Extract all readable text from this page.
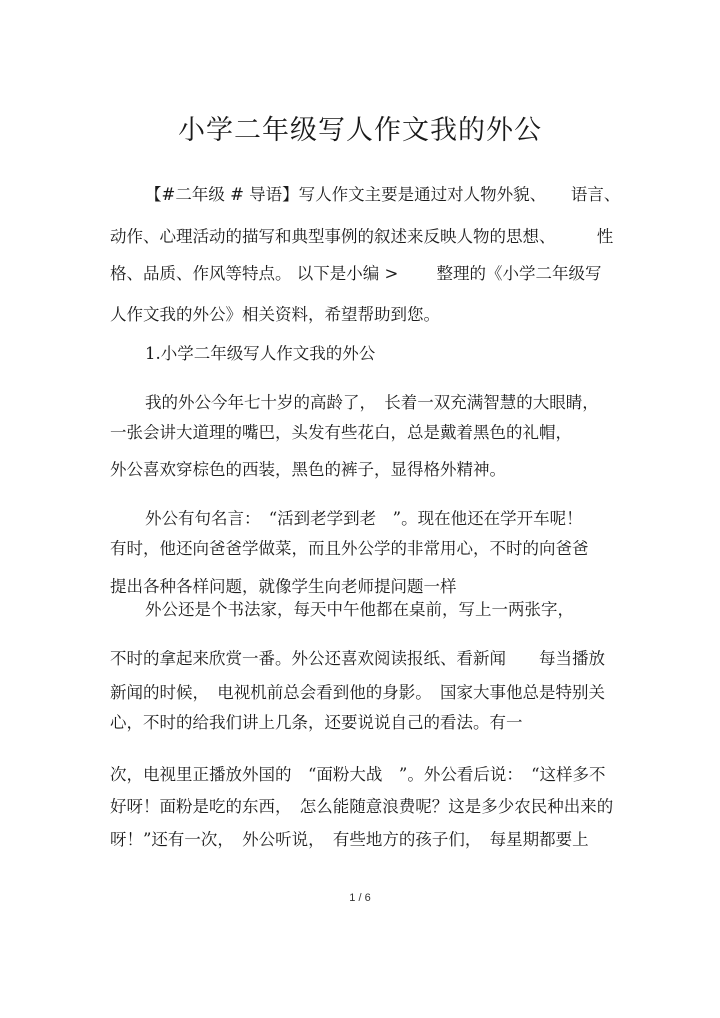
小学二年级写人作文我的外公

【#二年级 # 导语】写人作文主要是通过对人物外貌、　　语言、

动作、心理活动的描写和典型事例的叙述来反映人物的思想、　　　性

格、品质、作风等特点。 以下是小编 >　　 整理的《小学二年级写

人作文我的外公》相关资料，希望帮助到您。

1.小学二年级写人作文我的外公

我的外公今年七十岁的高龄了，　长着一双充满智慧的大眼睛，

一张会讲大道理的嘴巴，头发有些花白，总是戴着黑色的礼帽，

外公喜欢穿棕色的西装，黑色的裤子，显得格外精神。

外公有句名言：　“活到老学到老　”。现在他还在学开车呢！

有时，他还向爸爸学做菜，而且外公学的非常用心，不时的向爸爸

提出各种各样问题，就像学生向老师提问题一样

外公还是个书法家，每天中午他都在桌前，写上一两张字，

不时的拿起来欣赏一番。外公还喜欢阅读报纸、看新闻　　每当播放

新闻的时候，　电视机前总会看到他的身影。　国家大事他总是特别关

心，不时的给我们讲上几条，还要说说自己的看法。有一

次，电视里正播放外国的　“面粉大战　”。外公看后说：　“这样多不

好呀！面粉是吃的东西，　怎么能随意浪费呢？这是多少农民种出来的

呀！”还有一次，　外公听说，　有些地方的孩子们，　每星期都要上

1 / 6
